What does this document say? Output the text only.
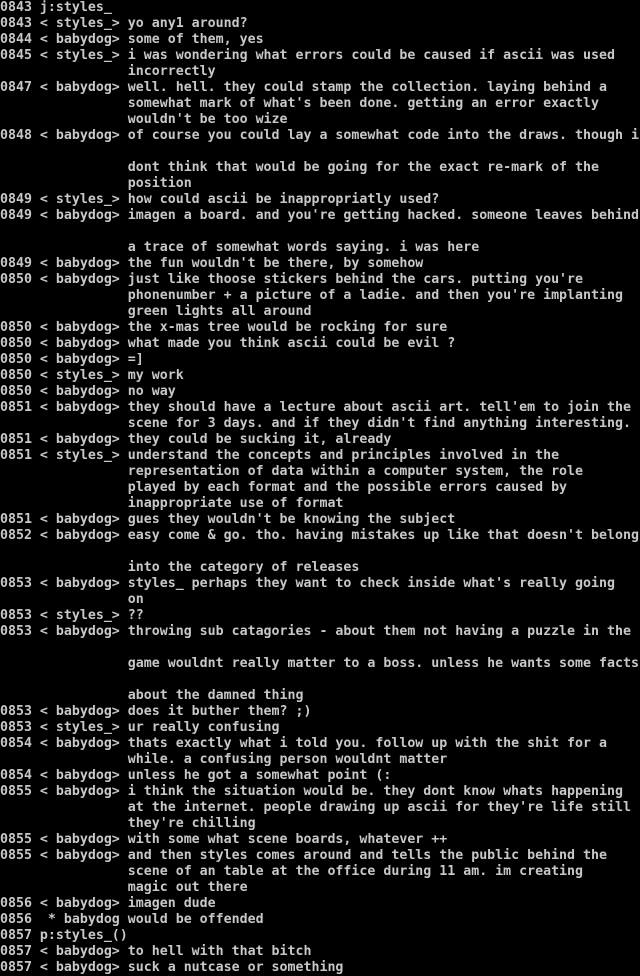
0843 j:styles_
0843 < styles_> yo any1 around?
0844 < babydog> some of them, yes
0845 < styles_> i was wondering what errors could be caused if ascii was used
incorrectly
0847 < babydog> well. hell. they could stamp the collection. laying behind a
somewhat mark of what's been done. getting an error exactly
wouldn't be too wize
0848 < babydog> of course you could lay a somewhat code into the draws. though i
dont think that would be going for the exact re-mark of the
position
0849 < styles_> how could ascii be inappropriatly used?
0849 < babydog> imagen a board. and you're getting hacked. someone leaves behind
a trace of somewhat words saying. i was here
0849 < babydog> the fun wouldn't be there, by somehow
0850 < babydog> just like thoose stickers behind the cars. putting you're
phonenumber + a picture of a ladie. and then you're implanting
green lights all around
0850 < babydog> the x-mas tree would be rocking for sure
0850 < babydog> what made you think ascii could be evil ?
0850 < babydog> =]
0850 < styles_> my work
0850 < babydog> no way
0851 < babydog> they should have a lecture about ascii art. tell'em to join the
scene for 3 days. and if they didn't find anything interesting.
0851 < babydog> they could be sucking it, already
0851 < styles_> understand the concepts and principles involved in the
representation of data within a computer system, the role
played by each format and the possible errors caused by
inappropriate use of format
0851 < babydog> gues they wouldn't be knowing the subject
0852 < babydog> easy come & go. tho. having mistakes up like that doesn't belong
into the category of releases
0853 < babydog> styles_ perhaps they want to check inside what's really going
on
0853 < styles_> ??
0853 < babydog> throwing sub catagories - about them not having a puzzle in the
game wouldnt really matter to a boss. unless he wants some facts
about the damned thing
0853 < babydog> does it buther them? ;)
0853 < styles_> ur really confusing
0854 < babydog> thats exactly what i told you. follow up with the shit for a
while. a confusing person wouldnt matter
0854 < babydog> unless he got a somewhat point (:
0855 < babydog> i think the situation would be. they dont know whats happening
at the internet. people drawing up ascii for they're life still
they're chilling
0855 < babydog> with some what scene boards, whatever ++
0855 < babydog> and then styles comes around and tells the public behind the
scene of an table at the office during 11 am. im creating
magic out there
0856 < babydog> imagen dude
0856  * babydog would be offended
0857 p:styles_()
0857 < babydog> to hell with that bitch
0857 < babydog> suck a nutcase or something
